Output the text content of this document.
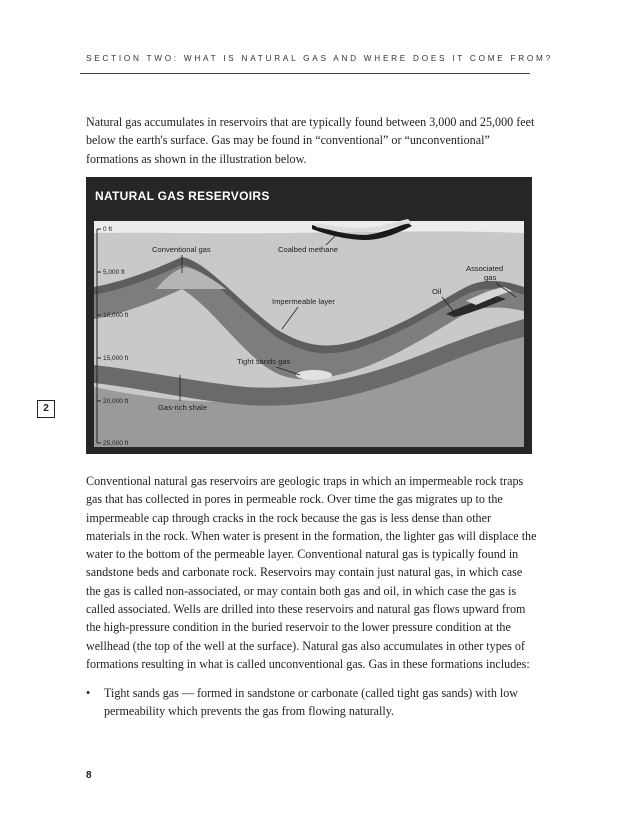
SECTION TWO: WHAT IS NATURAL GAS AND WHERE DOES IT COME FROM?

Natural gas accumulates in reservoirs that are typically found between 3,000 and 25,000 feet below the earth's surface. Gas may be found in “conventional” or “unconventional” formations as shown in the illustration below.

NATURAL GAS RESERVOIRS
0 ft
5,000 ft
10,000 ft
15,000 ft
20,000 ft
25,000 ft
Conventional gas	Coalbed methane
Associated
gas
Oil
Impermeable layer
Tight sands gas
Gas-rich shale

Conventional natural gas reservoirs are geologic traps in which an impermeable rock traps gas that has collected in pores in permeable rock. Over time the gas migrates up to the impermeable cap through cracks in the rock because the gas is less dense than other materials in the rock. When water is present in the formation, the lighter gas will displace the water to the bottom of the permeable layer. Conventional natural gas is typically found in sandstone beds and carbonate rock. Reservoirs may contain just natural gas, in which case the gas is called non-associated, or may contain both gas and oil, in which case the gas is called associated. Wells are drilled into these reservoirs and natural gas flows upward from the high-pressure condition in the buried reservoir to the lower pressure condition at the wellhead (the top of the well at the surface). Natural gas also accumulates in other types of formations resulting in what is called unconventional gas. Gas in these formations includes:

• Tight sands gas — formed in sandstone or carbonate (called tight gas sands) with low permeability which prevents the gas from flowing naturally.
2
8
